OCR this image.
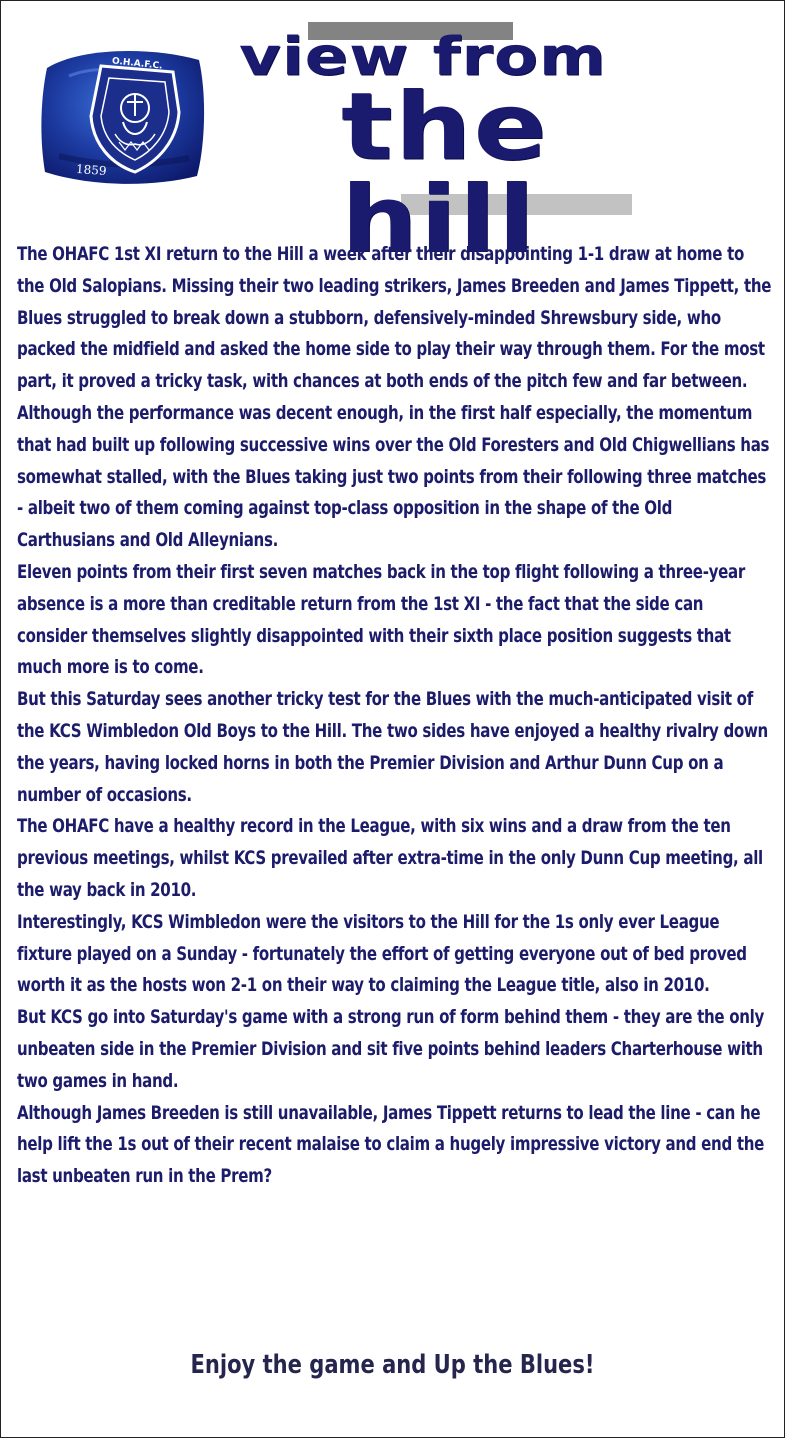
O.H.A.F.C.
1859
view from
the hill

The OHAFC 1st XI return to the Hill a week after their disappointing 1-1 draw at home to the Old Salopians. Missing their two leading strikers, James Breeden and James Tippett, the Blues struggled to break down a stubborn, defensively-minded Shrewsbury side, who packed the midfield and asked the home side to play their way through them. For the most part, it proved a tricky task, with chances at both ends of the pitch few and far between.

Although the performance was decent enough, in the first half especially, the momentum that had built up following successive wins over the Old Foresters and Old Chigwellians has somewhat stalled, with the Blues taking just two points from their following three matches - albeit two of them coming against top-class opposition in the shape of the Old Carthusians and Old Alleynians.

Eleven points from their first seven matches back in the top flight following a three-year absence is a more than creditable return from the 1st XI - the fact that the side can consider themselves slightly disappointed with their sixth place position suggests that much more is to come.

But this Saturday sees another tricky test for the Blues with the much-anticipated visit of the KCS Wimbledon Old Boys to the Hill. The two sides have enjoyed a healthy rivalry down the years, having locked horns in both the Premier Division and Arthur Dunn Cup on a number of occasions.

The OHAFC have a healthy record in the League, with six wins and a draw from the ten previous meetings, whilst KCS prevailed after extra-time in the only Dunn Cup meeting, all the way back in 2010.

Interestingly, KCS Wimbledon were the visitors to the Hill for the 1s only ever League fixture played on a Sunday - fortunately the effort of getting everyone out of bed proved worth it as the hosts won 2-1 on their way to claiming the League title, also in 2010.

But KCS go into Saturday's game with a strong run of form behind them - they are the only unbeaten side in the Premier Division and sit five points behind leaders Charterhouse with two games in hand.

Although James Breeden is still unavailable, James Tippett returns to lead the line - can he help lift the 1s out of their recent malaise to claim a hugely impressive victory and end the last unbeaten run in the Prem?

Enjoy the game and Up the Blues!
